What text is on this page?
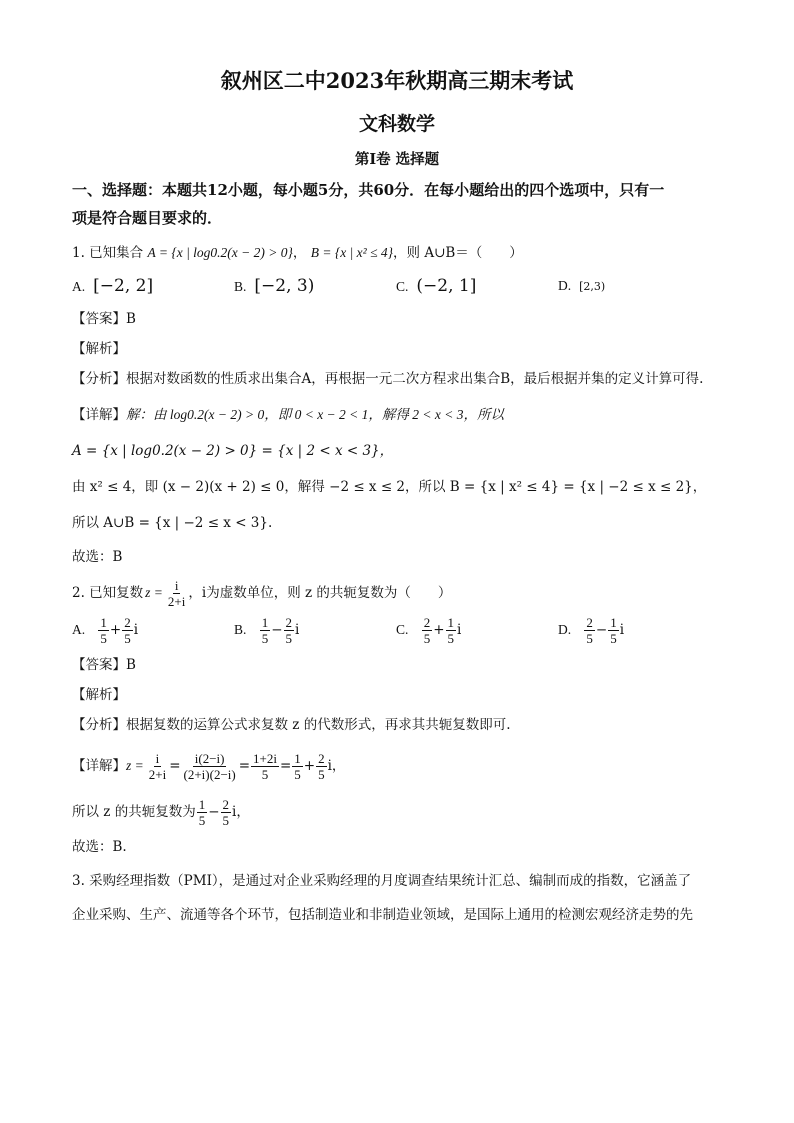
叙州区二中2023年秋期高三期末考试
文科数学
第Ⅰ卷 选择题
一、选择题：本题共12小题，每小题5分，共60分．在每小题给出的四个选项中，只有一
项是符合题目要求的．
1. 已知集合 A = {x | log0.2(x − 2) > 0}， B = {x | x² ≤ 4}，则 A∪B＝（　　）
A. [−2, 2]	B. [−2, 3)	C. (−2, 1]	D. [2,3)
【答案】B
【解析】
【分析】根据对数函数的性质求出集合A，再根据一元二次方程求出集合B，最后根据并集的定义计算可得.
【详解】解：由 log0.2(x − 2) > 0，即 0 < x − 2 < 1，解得 2 < x < 3，所以
A = {x | log0.2(x − 2) > 0} = {x | 2 < x < 3}，
由 x² ≤ 4，即 (x − 2)(x + 2) ≤ 0，解得 −2 ≤ x ≤ 2，所以 B = {x | x² ≤ 4} = {x | −2 ≤ x ≤ 2}，
所以 A∪B = {x | −2 ≤ x < 3}.
故选：B
2. 已知复数 $z = \frac{i}{2+i}$ ，i为虚数单位，则 z 的共轭复数为（　　）
A. $\frac{1}{5} + \frac{2}{5}$ i	B. $\frac{1}{5} - \frac{2}{5}$ i	C. $\frac{2}{5} + \frac{1}{5}$ i	D. $\frac{2}{5} - \frac{1}{5}$ i
【答案】B
【解析】
【分析】根据复数的运算公式求复数 z 的代数形式，再求其共轭复数即可.
【详解】 $z = \frac{i}{2+i} = \frac{i(2-i)}{(2+i)(2-i)} = \frac{1+2i}{5} = \frac{1}{5} + \frac{2}{5}$ i，
所以 z 的共轭复数为 $\frac{1}{5} - \frac{2}{5}$ i，
故选：B.
3. 采购经理指数（PMI），是通过对企业采购经理的月度调查结果统计汇总、编制而成的指数，它涵盖了
企业采购、生产、流通等各个环节，包括制造业和非制造业领域，是国际上通用的检测宏观经济走势的先
